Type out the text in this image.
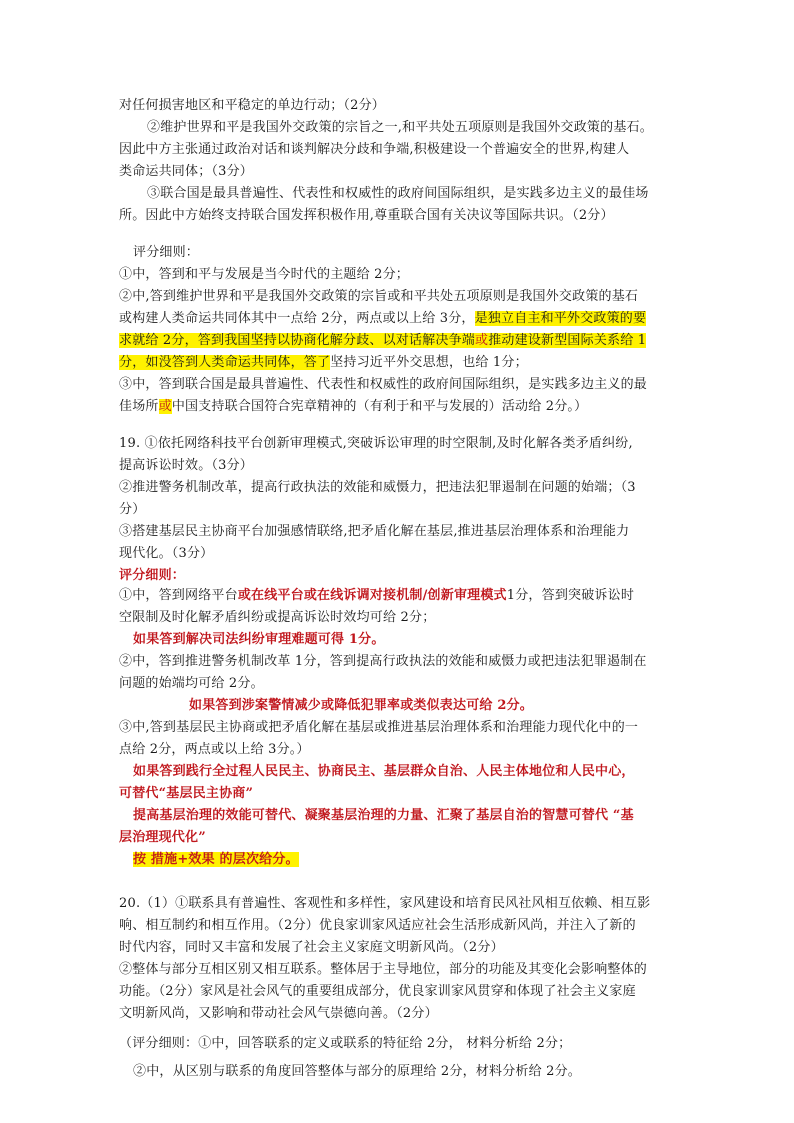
对任何损害地区和平稳定的单边行动；（2分）
②维护世界和平是我国外交政策的宗旨之一,和平共处五项原则是我国外交政策的基石。
因此中方主张通过政治对话和谈判解决分歧和争端,积极建设一个普遍安全的世界,构建人
类命运共同体；（3分）
③联合国是最具普遍性、代表性和权威性的政府间国际组织，是实践多边主义的最佳场
所。因此中方始终支持联合国发挥积极作用,尊重联合国有关决议等国际共识。（2分）
评分细则：
①中，答到和平与发展是当今时代的主题给 2分；
②中,答到维护世界和平是我国外交政策的宗旨或和平共处五项原则是我国外交政策的基石
或构建人类命运共同体其中一点给 2分，两点或以上给 3分，是独立自主和平外交政策的要
求就给 2分，答到我国坚持以协商化解分歧、以对话解决争端或推动建设新型国际关系给 1
分，如没答到人类命运共同体，答了坚持习近平外交思想，也给 1分；
③中，答到联合国是最具普遍性、代表性和权威性的政府间国际组织，是实践多边主义的最
佳场所或中国支持联合国符合宪章精神的（有利于和平与发展的）活动给 2分。）
19. ①依托网络科技平台创新审理模式,突破诉讼审理的时空限制,及时化解各类矛盾纠纷,
提高诉讼时效。（3分）
②推进警务机制改革，提高行政执法的效能和威慑力，把违法犯罪遏制在问题的始端；（3
分）
③搭建基层民主协商平台加强感情联络,把矛盾化解在基层,推进基层治理体系和治理能力
现代化。（3分）
评分细则：
①中，答到网络平台或在线平台或在线诉调对接机制/创新审理模式1分，答到突破诉讼时
空限制及时化解矛盾纠纷或提高诉讼时效均可给 2分；
如果答到解决司法纠纷审理难题可得 1分。
②中，答到推进警务机制改革 1分，答到提高行政执法的效能和威慑力或把违法犯罪遏制在
问题的始端均可给 2分。
如果答到涉案警情减少或降低犯罪率或类似表达可给 2分。
③中,答到基层民主协商或把矛盾化解在基层或推进基层治理体系和治理能力现代化中的一
点给 2分，两点或以上给 3分。）
如果答到践行全过程人民民主、协商民主、基层群众自治、人民主体地位和人民中心，
可替代“基层民主协商”
提高基层治理的效能可替代、凝聚基层治理的力量、汇聚了基层自治的智慧可替代 “基
层治理现代化”
按 措施+效果 的层次给分。
20.（1）①联系具有普遍性、客观性和多样性，家风建设和培育民风社风相互依赖、相互影
响、相互制约和相互作用。（2分）优良家训家风适应社会生活形成新风尚，并注入了新的
时代内容，同时又丰富和发展了社会主义家庭文明新风尚。（2分）
②整体与部分互相区别又相互联系。整体居于主导地位，部分的功能及其变化会影响整体的
功能。（2分）家风是社会风气的重要组成部分，优良家训家风贯穿和体现了社会主义家庭
文明新风尚，又影响和带动社会风气崇德向善。（2分）
（评分细则：①中，回答联系的定义或联系的特征给 2分， 材料分析给 2分；
②中，从区别与联系的角度回答整体与部分的原理给 2分，材料分析给 2分。
